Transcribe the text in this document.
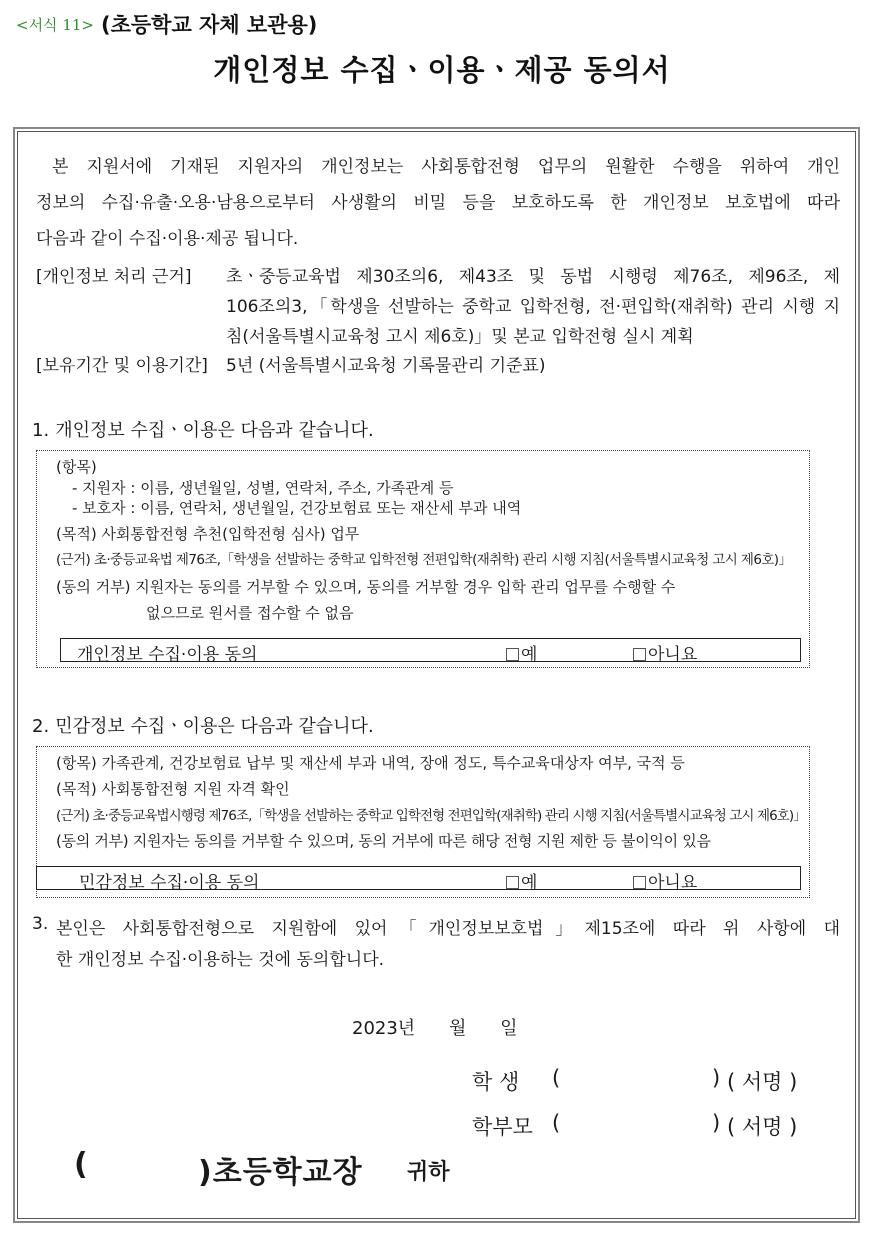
<서식 11> (초등학교 자체 보관용)
개인정보 수집ㆍ이용ㆍ제공 동의서
본 지원서에 기재된 지원자의 개인정보는 사회통합전형 업무의 원활한 수행을 위하여 개인
정보의 수집·유출·오용·남용으로부터 사생활의 비밀 등을 보호하도록 한 개인정보 보호법에 따라
다음과 같이 수집·이용·제공 됩니다.
[개인정보 처리 근거] 초ㆍ중등교육법 제30조의6, 제43조 및 동법 시행령 제76조, 제96조, 제
106조의3,「학생을 선발하는 중학교 입학전형, 전·편입학(재취학) 관리 시행 지
침(서울특별시교육청 고시 제6호)」및 본교 입학전형 실시 계획
[보유기간 및 이용기간] 5년 (서울특별시교육청 기록물관리 기준표)
1. 개인정보 수집ㆍ이용은 다음과 같습니다.
(항목)
- 지원자 : 이름, 생년월일, 성별, 연락처, 주소, 가족관계 등
- 보호자 : 이름, 연락처, 생년월일, 건강보험료 또는 재산세 부과 내역
(목적) 사회통합전형 추천(입학전형 심사) 업무
(근거) 초·중등교육법 제76조,「학생을 선발하는 중학교 입학전형 전편입학(재취학) 관리 시행 지침(서울특별시교육청 고시 제6호)」
(동의 거부) 지원자는 동의를 거부할 수 있으며, 동의를 거부할 경우 입학 관리 업무를 수행할 수
없으므로 원서를 접수할 수 없음
개인정보 수집·이용 동의	예	아니요
2. 민감정보 수집ㆍ이용은 다음과 같습니다.
(항목) 가족관계, 건강보험료 납부 및 재산세 부과 내역, 장애 정도, 특수교육대상자 여부, 국적 등
(목적) 사회통합전형 지원 자격 확인
(근거) 초·중등교육법시행령 제76조,「학생을 선발하는 중학교 입학전형 전편입학(재취학) 관리 시행 지침(서울특별시교육청 고시 제6호)」
(동의 거부) 지원자는 동의를 거부할 수 있으며, 동의 거부에 따른 해당 전형 지원 제한 등 불이익이 있음
민감정보 수집·이용 동의	예	아니요
3. 본인은 사회통합전형으로 지원함에 있어「개인정보보호법」제15조에 따라 위 사항에 대
한 개인정보 수집·이용하는 것에 동의합니다.
2023년 월 일
학 생 (	) ( 서명 )
학부모 (	) ( 서명 )
(	)초등학교장 귀하
